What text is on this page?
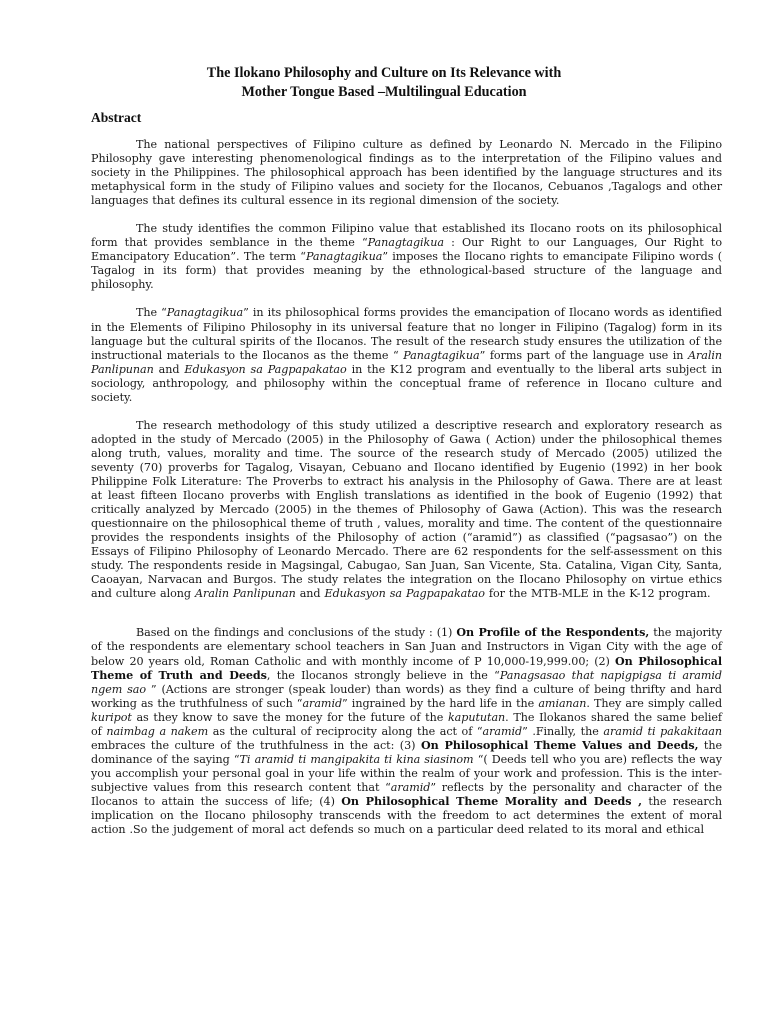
The Ilokano Philosophy and Culture on Its Relevance with
Mother Tongue Based –Multilingual Education
Abstract

The national perspectives of Filipino culture as defined by Leonardo N. Mercado in the Filipino Philosophy gave interesting phenomenological findings as to the interpretation of the Filipino values and society in the Philippines. The philosophical approach has been identified by the language structures and its metaphysical form in the study of Filipino values and society for the Ilocanos, Cebuanos ,Tagalogs and other languages that defines its cultural essence in its regional dimension of the society.

The study identifies the common Filipino value that established its Ilocano roots on its philosophical form that provides semblance in the theme “Panagtagikua : Our Right to our Languages, Our Right to Emancipatory Education”. The term “Panagtagikua” imposes the Ilocano rights to emancipate Filipino words ( Tagalog in its form) that provides meaning by the ethnological-based structure of the language and philosophy.

The “Panagtagikua” in its philosophical forms provides the emancipation of Ilocano words as identified in the Elements of Filipino Philosophy in its universal feature that no longer in Filipino (Tagalog) form in its language but the cultural spirits of the Ilocanos. The result of the research study ensures the utilization of the instructional materials to the Ilocanos as the theme “ Panagtagikua” forms part of the language use in Aralin Panlipunan and Edukasyon sa Pagpapakatao in the K12 program and eventually to the liberal arts subject in sociology, anthropology, and philosophy within the conceptual frame of reference in Ilocano culture and society.

The research methodology of this study utilized a descriptive research and exploratory research as adopted in the study of Mercado (2005) in the Philosophy of Gawa ( Action) under the philosophical themes along truth, values, morality and time. The source of the research study of Mercado (2005) utilized the seventy (70) proverbs for Tagalog, Visayan, Cebuano and Ilocano identified by Eugenio (1992) in her book Philippine Folk Literature: The Proverbs to extract his analysis in the Philosophy of Gawa. There are at least at least fifteen Ilocano proverbs with English translations as identified in the book of Eugenio (1992) that critically analyzed by Mercado (2005) in the themes of Philosophy of Gawa (Action). This was the research questionnaire on the philosophical theme of truth , values, morality and time. The content of the questionnaire provides the respondents insights of the Philosophy of action (“aramid”) as classified (“pagsasao”) on the Essays of Filipino Philosophy of Leonardo Mercado. There are 62 respondents for the self-assessment on this study. The respondents reside in Magsingal, Cabugao, San Juan, San Vicente, Sta. Catalina, Vigan City, Santa, Caoayan, Narvacan and Burgos. The study relates the integration on the Ilocano Philosophy on virtue ethics and culture along Aralin Panlipunan and Edukasyon sa Pagpapakatao for the MTB-MLE in the K-12 program.

Based on the findings and conclusions of the study : (1) On Profile of the Respondents, the majority of the respondents are elementary school teachers in San Juan and Instructors in Vigan City with the age of below 20 years old, Roman Catholic and with monthly income of P 10,000-19,999.00; (2) On Philosophical Theme of Truth and Deeds, the Ilocanos strongly believe in the “Panagsasao that napigpigsa ti aramid ngem sao ” (Actions are stronger (speak louder) than words) as they find a culture of being thrifty and hard working as the truthfulness of such “aramid” ingrained by the hard life in the amianan. They are simply called kuripot as they know to save the money for the future of the kapututan. The Ilokanos shared the same belief of naimbag a nakem as the cultural of reciprocity along the act of “aramid” .Finally, the aramid ti pakakitaan embraces the culture of the truthfulness in the act: (3) On Philosophical Theme Values and Deeds, the dominance of the saying “Ti aramid ti mangipakita ti kina siasinom “( Deeds tell who you are) reflects the way you accomplish your personal goal in your life within the realm of your work and profession. This is the inter-subjective values from this research content that “aramid” reflects by the personality and character of the Ilocanos to attain the success of life; (4) On Philosophical Theme Morality and Deeds , the research implication on the Ilocano philosophy transcends with the freedom to act determines the extent of moral action .So the judgement of moral act defends so much on a particular deed related to its moral and ethical
